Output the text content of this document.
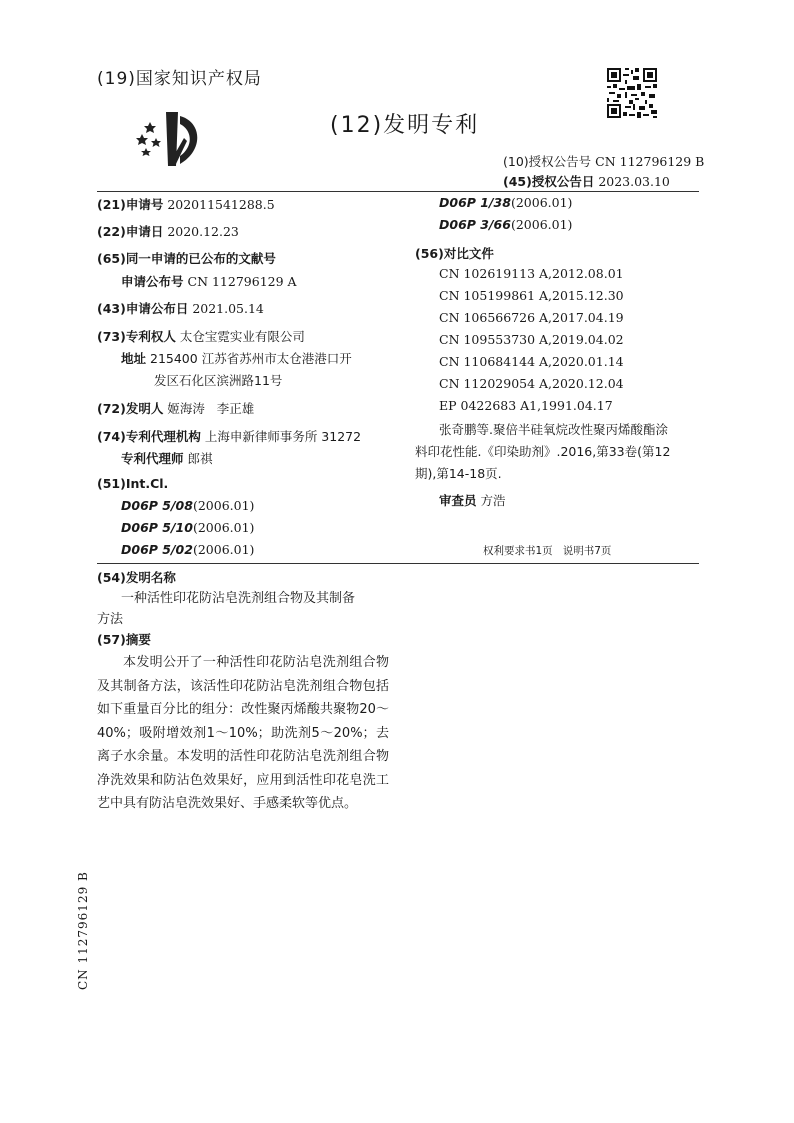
(19)国家知识产权局
(12)发明专利
(10)授权公告号 CN 112796129 B
(45)授权公告日 2023.03.10
(21)申请号 202011541288.5
(22)申请日 2020.12.23
(65)同一申请的已公布的文献号
申请公布号 CN 112796129 A
(43)申请公布日 2021.05.14
(73)专利权人 太仓宝霓实业有限公司
地址 215400 江苏省苏州市太仓港港口开
发区石化区滨洲路11号
(72)发明人 姬海涛   李正雄
(74)专利代理机构 上海申新律师事务所 31272
专利代理师 郎祺
(51)Int.Cl.
D06P 5/08(2006.01)
D06P 5/10(2006.01)
D06P 5/02(2006.01)
D06P 1/38(2006.01)
D06P 3/66(2006.01)
(56)对比文件
CN 102619113 A,2012.08.01
CN 105199861 A,2015.12.30
CN 106566726 A,2017.04.19
CN 109553730 A,2019.04.02
CN 110684144 A,2020.01.14
CN 112029054 A,2020.12.04
EP 0422683 A1,1991.04.17
张奇鹏等.聚倍半硅氧烷改性聚丙烯酸酯涂
料印花性能.《印染助剂》.2016,第33卷(第12
期),第14-18页.
审查员 方浩
权利要求书1页   说明书7页
(54)发明名称
一种活性印花防沾皂洗剂组合物及其制备
方法
(57)摘要
本发明公开了一种活性印花防沾皂洗剂组合物及其制备方法，该活性印花防沾皂洗剂组合物包括如下重量百分比的组分：改性聚丙烯酸共聚物20～40%；吸附增效剂1～10%；助洗剂5～20%；去离子水余量。本发明的活性印花防沾皂洗剂组合物净洗效果和防沾色效果好，应用到活性印花皂洗工艺中具有防沾皂洗效果好、手感柔软等优点。
CN 112796129 B
